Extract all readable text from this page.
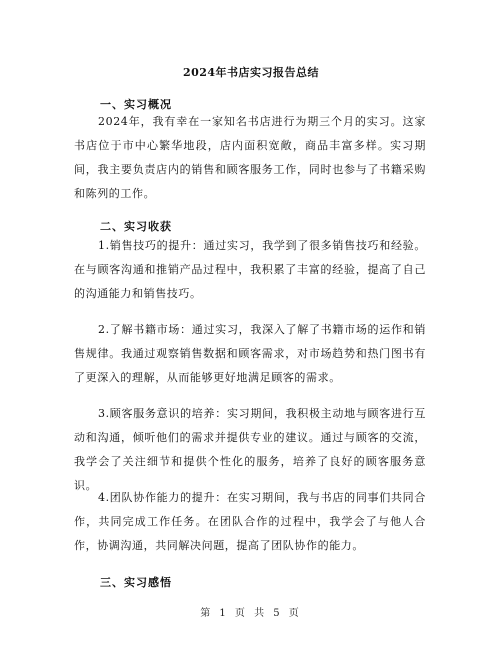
2024年书店实习报告总结
一、实习概况

2024年，我有幸在一家知名书店进行为期三个月的实习。这家书店位于市中心繁华地段，店内面积宽敞，商品丰富多样。实习期间，我主要负责店内的销售和顾客服务工作，同时也参与了书籍采购和陈列的工作。

二、实习收获

1.销售技巧的提升：通过实习，我学到了很多销售技巧和经验。在与顾客沟通和推销产品过程中，我积累了丰富的经验，提高了自己的沟通能力和销售技巧。

2.了解书籍市场：通过实习，我深入了解了书籍市场的运作和销售规律。我通过观察销售数据和顾客需求，对市场趋势和热门图书有了更深入的理解，从而能够更好地满足顾客的需求。

3.顾客服务意识的培养：实习期间，我积极主动地与顾客进行互动和沟通，倾听他们的需求并提供专业的建议。通过与顾客的交流，我学会了关注细节和提供个性化的服务，培养了良好的顾客服务意识。

4.团队协作能力的提升：在实习期间，我与书店的同事们共同合作，共同完成工作任务。在团队合作的过程中，我学会了与他人合作，协调沟通，共同解决问题，提高了团队协作的能力。

三、实习感悟
第 1 页 共 5 页
